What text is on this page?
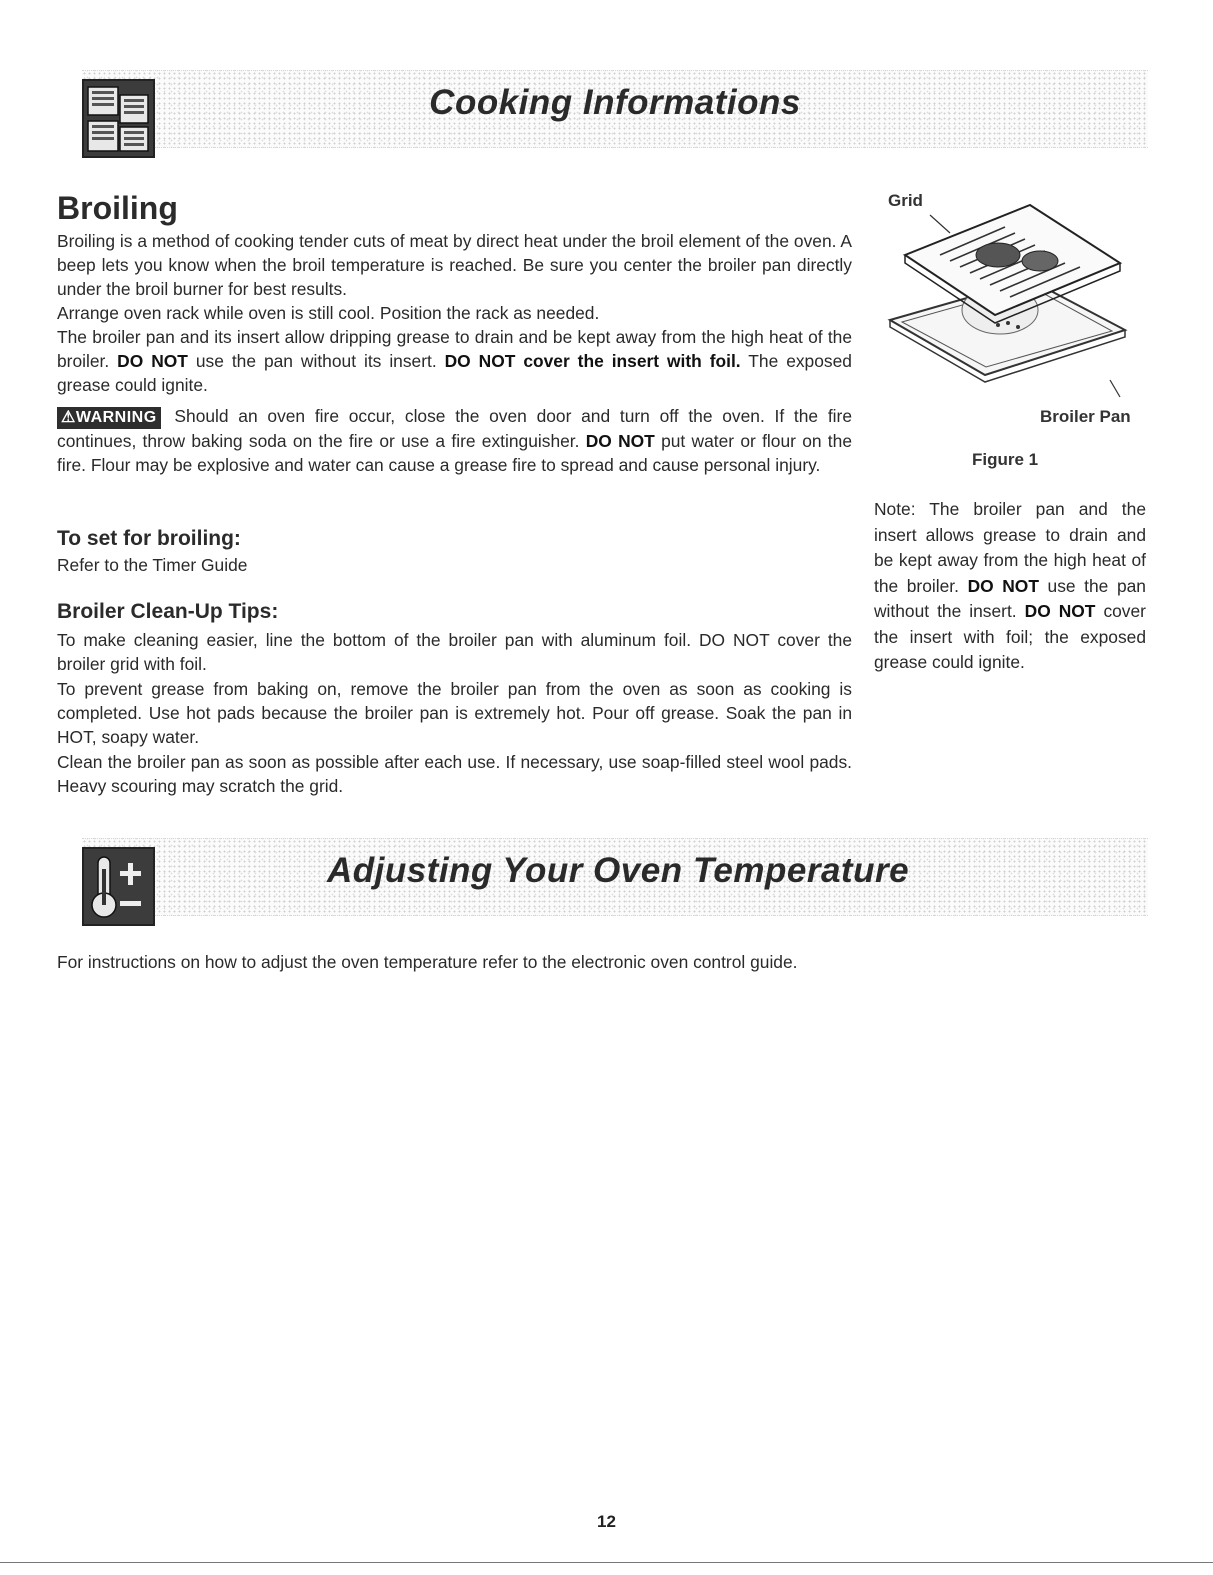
Cooking Informations
Broiling
Broiling is a method of cooking tender cuts of meat by direct heat under the broil element of the oven. A beep lets you know when the broil temperature is reached. Be sure you center the broiler pan directly under the broil burner for best results.
Arrange oven rack while oven is still cool. Position the rack as needed.
The broiler pan and its insert allow dripping grease to drain and be kept away from the high heat of the broiler. DO NOT use the pan without its insert. DO NOT cover the insert with foil. The exposed grease could ignite.
⚠WARNING Should an oven fire occur, close the oven door and turn off the oven. If the fire continues, throw baking soda on the fire or use a fire extinguisher. DO NOT put water or flour on the fire. Flour may be explosive and water can cause a grease fire to spread and cause personal injury.
To set for broiling:
Refer to the Timer Guide
Broiler Clean-Up Tips:
To make cleaning easier, line the bottom of the broiler pan with aluminum foil. DO NOT cover the broiler grid with foil.
To prevent grease from baking on, remove the broiler pan from the oven as soon as cooking is completed. Use hot pads because the broiler pan is extremely hot. Pour off grease. Soak the pan in HOT, soapy water.
Clean the broiler pan as soon as possible after each use. If necessary, use soap-filled steel wool pads. Heavy scouring may scratch the grid.
Grid
Broiler Pan
Figure 1
Note: The broiler pan and the insert allows grease to drain and be kept away from the high heat of the broiler. DO NOT use the pan without the insert. DO NOT cover the insert with foil; the exposed grease could ignite.
Adjusting Your Oven Temperature
For instructions on how to adjust the oven temperature refer to the electronic oven control guide.
12
